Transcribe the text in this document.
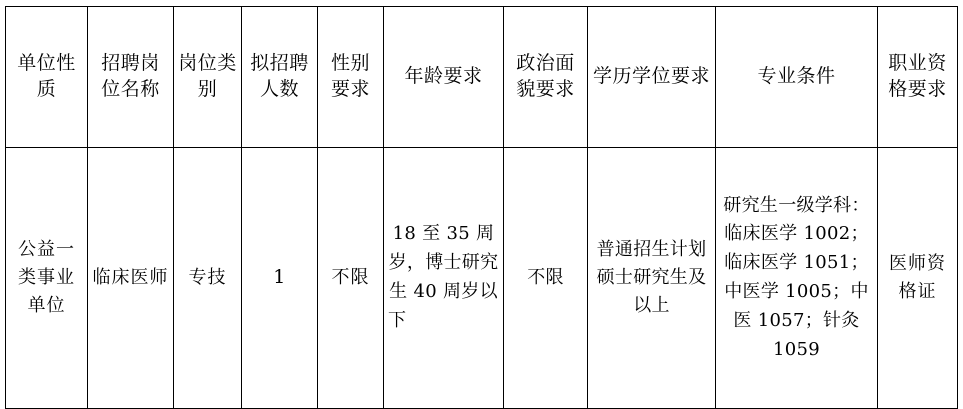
单位性质	招聘岗位名称	岗位类别	拟招聘人数	性别要求	年龄要求	政治面貌要求	学历学位要求	专业条件	职业资格要求
公益一类事业单位	临床医师	专技	1	不限	18 至 35 周岁，博士研究生 40 周岁以下	不限	普通招生计划硕士研究生及以上	研究生一级学科：临床医学 1002；临床医学 1051；中医学 1005；中医 1057；针灸 1059	医师资格证
